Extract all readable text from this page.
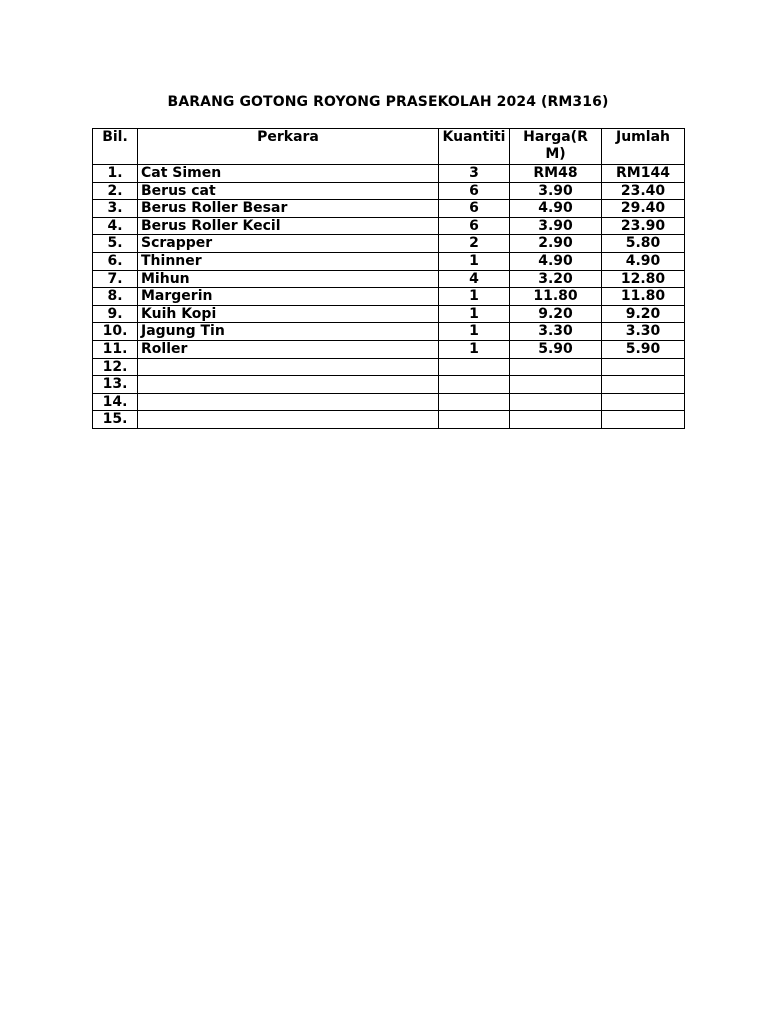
BARANG GOTONG ROYONG PRASEKOLAH 2024 (RM316)
Bil.	Perkara	Kuantiti	Harga(RM)	Jumlah
1.	Cat Simen	3	RM48	RM144
2.	Berus cat	6	3.90	23.40
3.	Berus Roller Besar	6	4.90	29.40
4.	Berus Roller Kecil	6	3.90	23.90
5.	Scrapper	2	2.90	5.80
6.	Thinner	1	4.90	4.90
7.	Mihun	4	3.20	12.80
8.	Margerin	1	11.80	11.80
9.	Kuih Kopi	1	9.20	9.20
10.	Jagung Tin	1	3.30	3.30
11.	Roller	1	5.90	5.90
12.				
13.				
14.				
15.				
